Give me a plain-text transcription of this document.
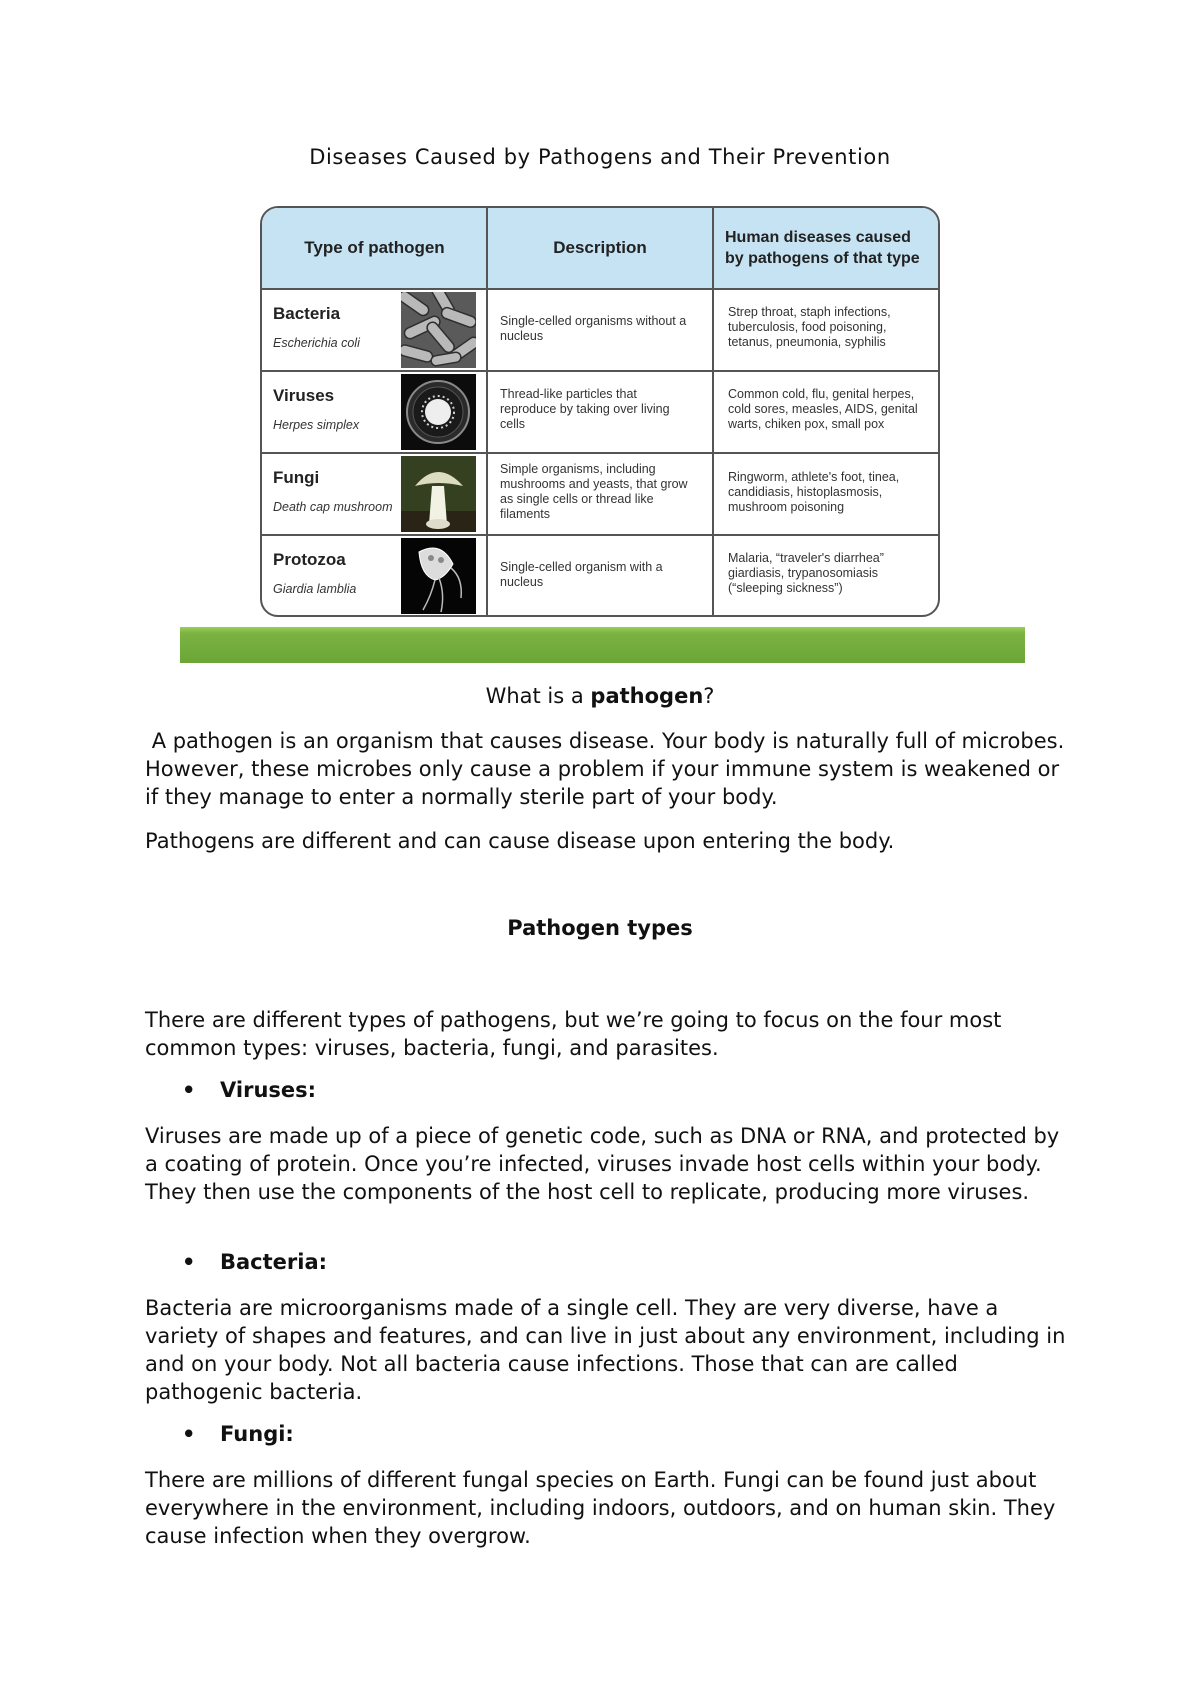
Diseases Caused by Pathogens and Their Prevention
Type of pathogen	Description
Human diseases caused by pathogens of that type
Bacteria
Escherichia coli
Single-celled organisms without a nucleus
Strep throat, staph infections, tuberculosis, food poisoning, tetanus, pneumonia, syphilis
Viruses
Herpes simplex
Thread-like particles that reproduce by taking over living cells
Common cold, flu, genital herpes, cold sores, measles, AIDS, genital warts, chiken pox, small pox
Fungi
Death cap mushroom
Simple organisms, including mushrooms and yeasts, that grow as single cells or thread like filaments
Ringworm, athlete's foot, tinea, candidiasis, histoplasmosis, mushroom poisoning
Protozoa
Giardia lamblia
Single-celled organism with a nucleus
Malaria, “traveler's diarrhea” giardiasis, trypanosomiasis (“sleeping sickness”)
What is a pathogen?

A pathogen is an organism that causes disease. Your body is naturally full of microbes. However, these microbes only cause a problem if your immune system is weakened or if they manage to enter a normally sterile part of your body.

Pathogens are different and can cause disease upon entering the body.

Pathogen types

There are different types of pathogens, but we’re going to focus on the four most common types: viruses, bacteria, fungi, and parasites.

• Viruses:

Viruses are made up of a piece of genetic code, such as DNA or RNA, and protected by a coating of protein. Once you’re infected, viruses invade host cells within your body. They then use the components of the host cell to replicate, producing more viruses.

• Bacteria:

Bacteria are microorganisms made of a single cell. They are very diverse, have a variety of shapes and features, and can live in just about any environment, including in and on your body. Not all bacteria cause infections. Those that can are called pathogenic bacteria.

• Fungi:

There are millions of different fungal species on Earth. Fungi can be found just about everywhere in the environment, including indoors, outdoors, and on human skin. They cause infection when they overgrow.
